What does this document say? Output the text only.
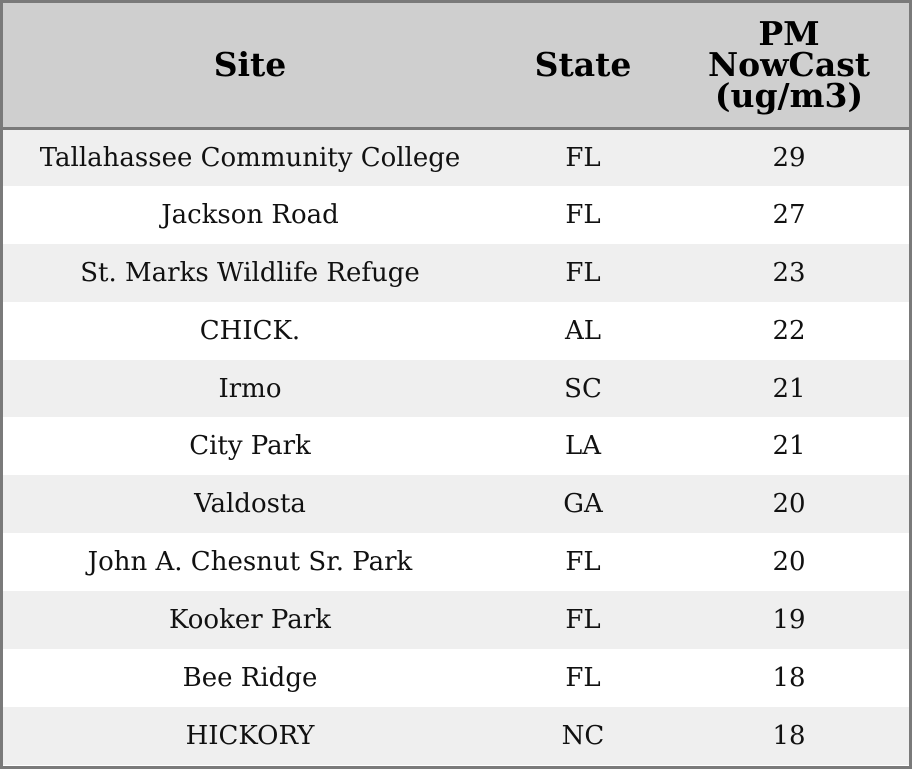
Site	State	PM
NowCast
(ug/m3)

Tallahassee Community College	FL	29
Jackson Road	FL	27
St. Marks Wildlife Refuge	FL	23
CHICK.	AL	22
Irmo	SC	21
City Park	LA	21
Valdosta	GA	20
John A. Chesnut Sr. Park	FL	20
Kooker Park	FL	19
Bee Ridge	FL	18
HICKORY	NC	18
